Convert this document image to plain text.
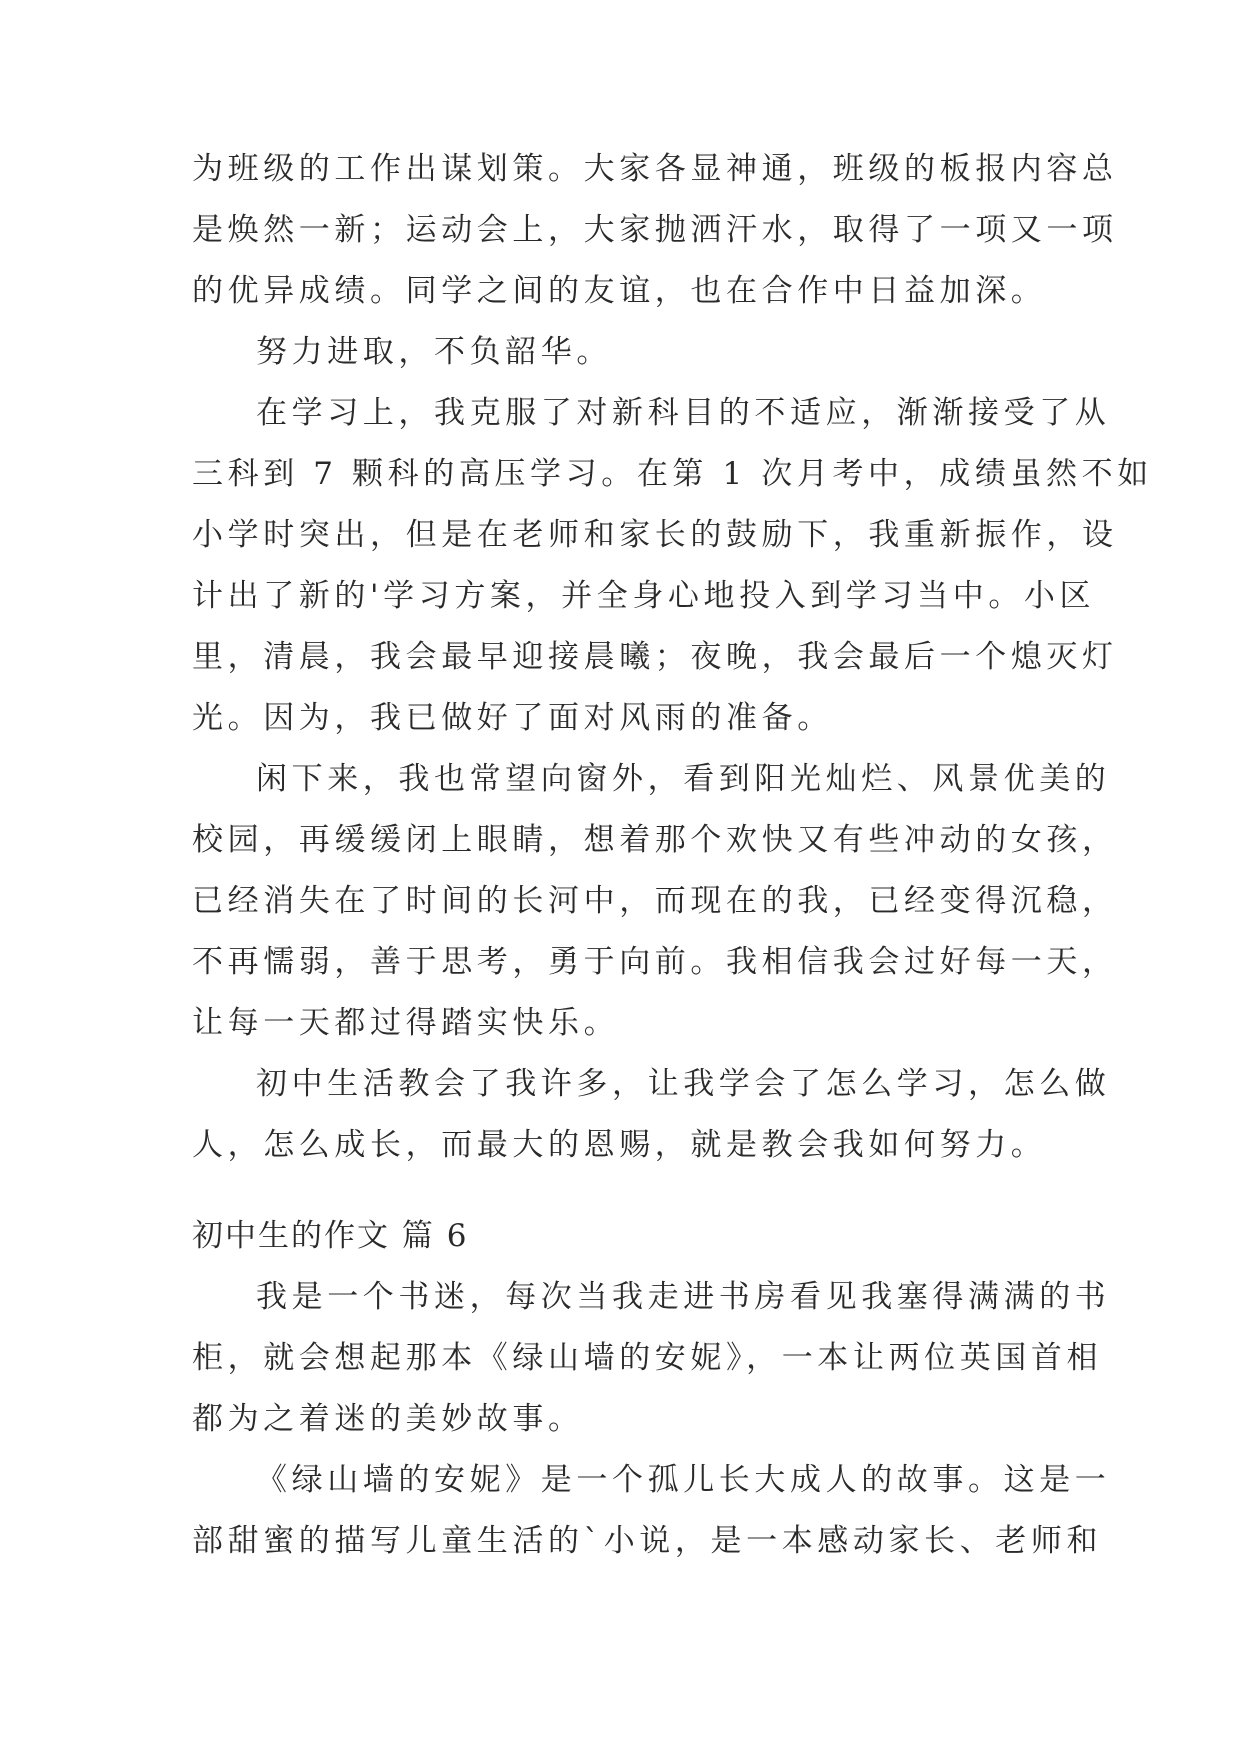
为班级的工作出谋划策。大家各显神通，班级的板报内容总
是焕然一新；运动会上，大家抛洒汗水，取得了一项又一项
的优异成绩。同学之间的友谊，也在合作中日益加深。
努力进取，不负韶华。
在学习上，我克服了对新科目的不适应，渐渐接受了从
三科到 7 颗科的高压学习。在第 1 次月考中，成绩虽然不如
小学时突出，但是在老师和家长的鼓励下，我重新振作，设
计出了新的'学习方案，并全身心地投入到学习当中。小区
里，清晨，我会最早迎接晨曦；夜晚，我会最后一个熄灭灯
光。因为，我已做好了面对风雨的准备。
闲下来，我也常望向窗外，看到阳光灿烂、风景优美的
校园，再缓缓闭上眼睛，想着那个欢快又有些冲动的女孩，
已经消失在了时间的长河中，而现在的我，已经变得沉稳，
不再懦弱，善于思考，勇于向前。我相信我会过好每一天，
让每一天都过得踏实快乐。
初中生活教会了我许多，让我学会了怎么学习，怎么做
人，怎么成长，而最大的恩赐，就是教会我如何努力。
初中生的作文 篇 6
我是一个书迷，每次当我走进书房看见我塞得满满的书
柜，就会想起那本《绿山墙的安妮》，一本让两位英国首相
都为之着迷的美妙故事。
《绿山墙的安妮》是一个孤儿长大成人的故事。这是一
部甜蜜的描写儿童生活的`小说，是一本感动家长、老师和
